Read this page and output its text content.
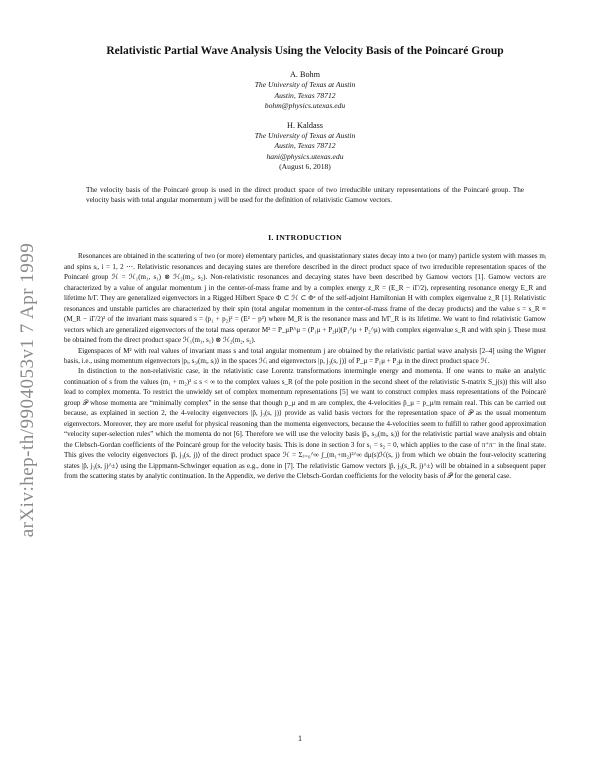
arXiv:hep-th/9904053v1 7 Apr 1999
Relativistic Partial Wave Analysis Using the Velocity Basis of the Poincaré Group
A. Bohm
The University of Texas at Austin
Austin, Texas 78712
bohm@physics.utexas.edu
H. Kaldass
The University of Texas at Austin
Austin, Texas 78712
hani@physics.utexas.edu
(August 6, 2018)

The velocity basis of the Poincaré group is used in the direct product space of two irreducible unitary representations of the Poincaré group. The velocity basis with total angular momentum j will be used for the definition of relativistic Gamow vectors.

I. INTRODUCTION

Resonances are obtained in the scattering of two (or more) elementary particles, and quasistationary states decay into a two (or many) particle system with masses mᵢ and spins sᵢ, i = 1, 2 ⋯. Relativistic resonances and decaying states are therefore described in the direct product space of two irreducible representation spaces of the Poincaré group ℋ = ℋ₁(m₁, s₁) ⊗ ℋ₂(m₂, s₂). Non-relativistic resonances and decaying states have been described by Gamow vectors [1]. Gamow vectors are characterized by a value of angular momentum j in the center-of-mass frame and by a complex energy z_R = (E_R − iΓ/2), representing resonance energy E_R and lifetime ħ/Γ. They are generalized eigenvectors in a Rigged Hilbert Space Φ ⊂ ℋ ⊂ Φˣ of the self-adjoint Hamiltonian H with complex eigenvalue z_R [1]. Relativistic resonances and unstable particles are characterized by their spin (total angular momentum in the center-of-mass frame of the decay products) and the value s = s_R ≡ (M_R − iΓ/2)² of the invariant mass squared s = (p₁ + p₂)² = (E² − p²) where M_R is the resonance mass and ħ/Γ_R is its lifetime. We want to find relativistic Gamow vectors which are generalized eigenvectors of the total mass operator M² = P_μP^μ = (P₁μ + P₂μ)(P₁^μ + P₂^μ) with complex eigenvalue s_R and with spin j. These must be obtained from the direct product space ℋ₁(m₁, s₁) ⊗ ℋ₂(m₂, s₂).

Eigenspaces of M² with real values of invariant mass s and total angular momentum j are obtained by the relativistic partial wave analysis [2–4] using the Wigner basis, i.e., using momentum eigenvectors |pᵢ, s₃ᵢ(mᵢ, sᵢ)⟩ in the spaces ℋᵢ and eigenvectors |p, j₃(s, j)⟩ of P_μ = P₁μ + P₂μ in the direct product space ℋ.

In distinction to the non-relativistic case, in the relativistic case Lorentz transformations intermingle energy and momenta. If one wants to make an analytic continuation of s from the values (m₁ + m₂)² ≤ s < ∞ to the complex values s_R (of the pole position in the second sheet of the relativistic S-matrix S_j(s)) this will also lead to complex momenta. To restrict the unwieldy set of complex momentum representations [5] we want to construct complex mass representations of the Poincaré group 𝒫 whose momenta are “minimally complex” in the sense that though p_μ and m are complex, the 4-velocities p̂_μ = p_μ/m remain real. This can be carried out because, as explained in section 2, the 4-velocity eigenvectors |p̂, j₃(s, j)⟩ provide as valid basis vectors for the representation space of 𝒫 as the usual momentum eigenvectors. Moreover, they are more useful for physical reasoning than the momenta eigenvectors, because the 4-velocities seem to fulfill to rather good approximation “velocity super-selection rules” which the momenta do not [6]. Therefore we will use the velocity basis |p̂ᵢ, s₃ᵢ(mᵢ, sᵢ)⟩ for the relativistic partial wave analysis and obtain the Clebsch-Gordan coefficients of the Poincaré group for the velocity basis. This is done in section 3 for s₁ = s₂ = 0, which applies to the case of π⁺π⁻ in the final state. This gives the velocity eigenvectors |p̂, j₃(s, j)⟩ of the direct product space ℋ = Σⱼ₌₀^∞ ∫_(m₁+m₂)²^∞ dμ(s)ℋ(s, j) from which we obtain the four-velocity scattering states |p̂, j₃(s, j)^±⟩ using the Lippmann-Schwinger equation as e.g., done in [7]. The relativistic Gamow vectors |p̂, j₃(s_R, j)^±⟩ will be obtained in a subsequent paper from the scattering states by analytic continuation. In the Appendix, we derive the Clebsch-Gordan coefficients for the velocity basis of 𝒫 for the general case.

1
